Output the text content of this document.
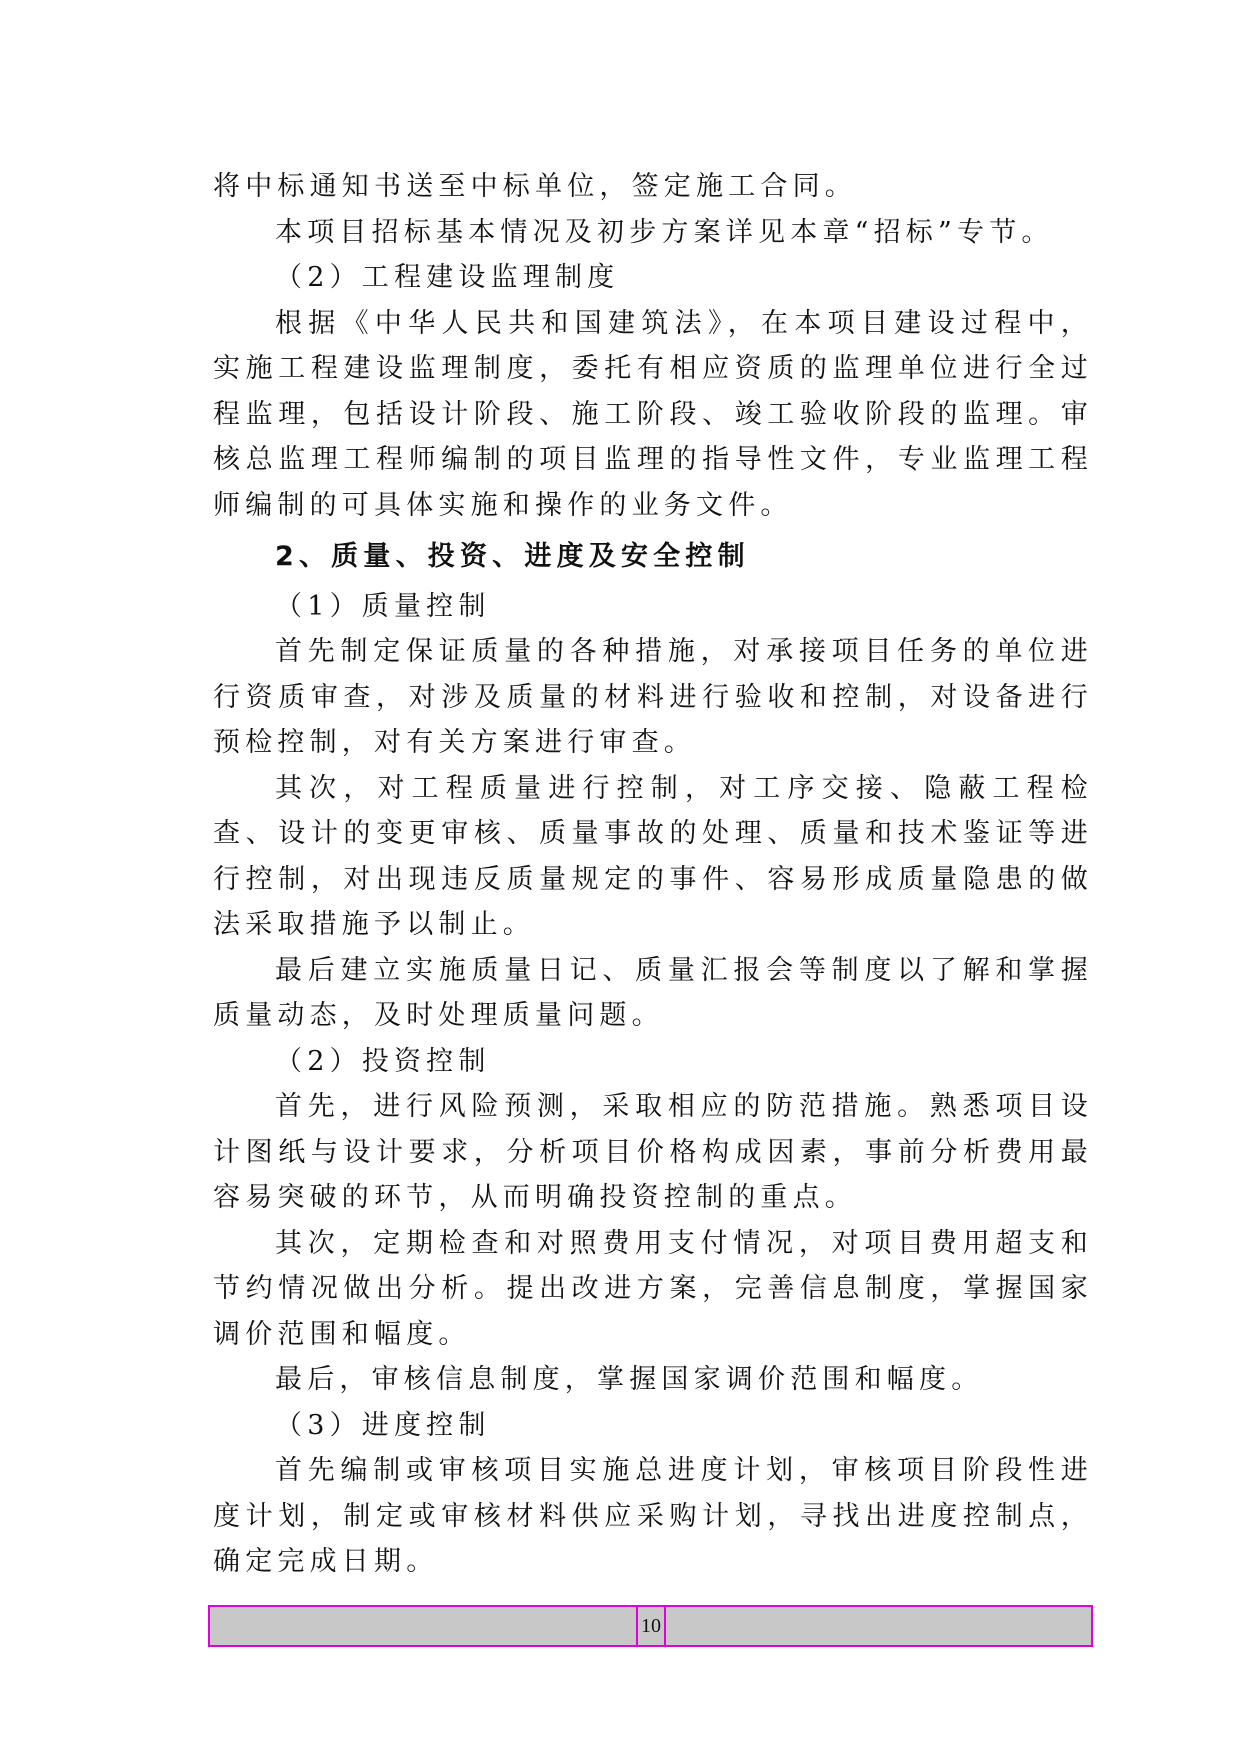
将中标通知书送至中标单位，签定施工合同。

本项目招标基本情况及初步方案详见本章“招标”专节。

（2）工程建设监理制度

根据《中华人民共和国建筑法》，在本项目建设过程中，实施工程建设监理制度，委托有相应资质的监理单位进行全过程监理，包括设计阶段、施工阶段、竣工验收阶段的监理。审核总监理工程师编制的项目监理的指导性文件，专业监理工程师编制的可具体实施和操作的业务文件。

2、质量、投资、进度及安全控制

（1）质量控制

首先制定保证质量的各种措施，对承接项目任务的单位进行资质审查，对涉及质量的材料进行验收和控制，对设备进行预检控制，对有关方案进行审查。

其次，对工程质量进行控制，对工序交接、隐蔽工程检查、设计的变更审核、质量事故的处理、质量和技术鉴证等进行控制，对出现违反质量规定的事件、容易形成质量隐患的做法采取措施予以制止。

最后建立实施质量日记、质量汇报会等制度以了解和掌握质量动态，及时处理质量问题。

（2）投资控制

首先，进行风险预测，采取相应的防范措施。熟悉项目设计图纸与设计要求，分析项目价格构成因素，事前分析费用最容易突破的环节，从而明确投资控制的重点。

其次，定期检查和对照费用支付情况，对项目费用超支和节约情况做出分析。提出改进方案，完善信息制度，掌握国家调价范围和幅度。

最后，审核信息制度，掌握国家调价范围和幅度。

（3）进度控制

首先编制或审核项目实施总进度计划，审核项目阶段性进度计划，制定或审核材料供应采购计划，寻找出进度控制点，确定完成日期。

10
